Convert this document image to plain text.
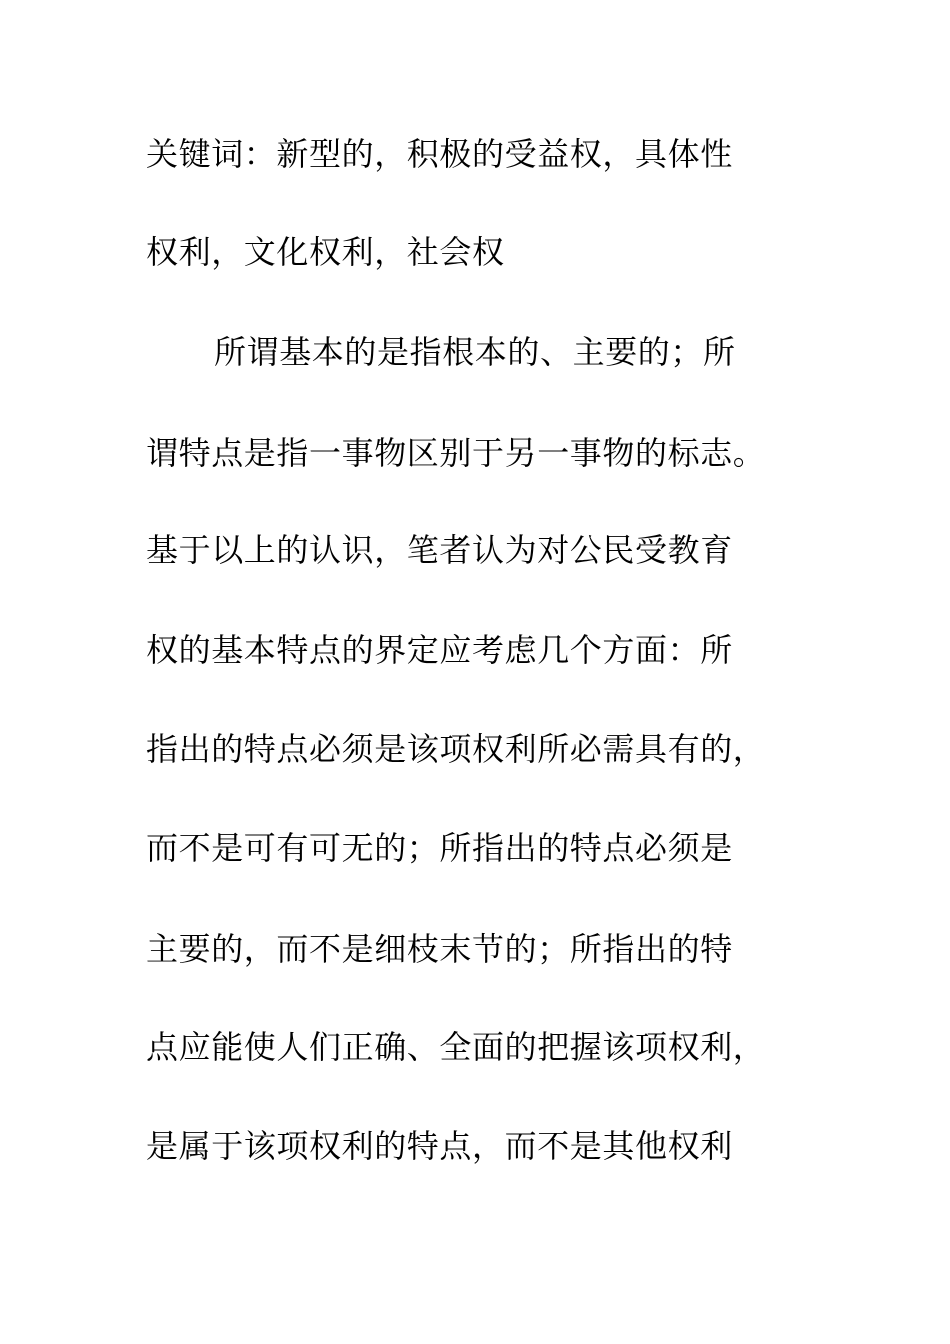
关键词：新型的，积极的受益权，具体性
权利，文化权利，社会权
所谓基本的是指根本的、主要的；所
谓特点是指一事物区别于另一事物的标志。
基于以上的认识，笔者认为对公民受教育
权的基本特点的界定应考虑几个方面：所
指出的特点必须是该项权利所必需具有的，
而不是可有可无的；所指出的特点必须是
主要的，而不是细枝末节的；所指出的特
点应能使人们正确、全面的把握该项权利，
是属于该项权利的特点，而不是其他权利
